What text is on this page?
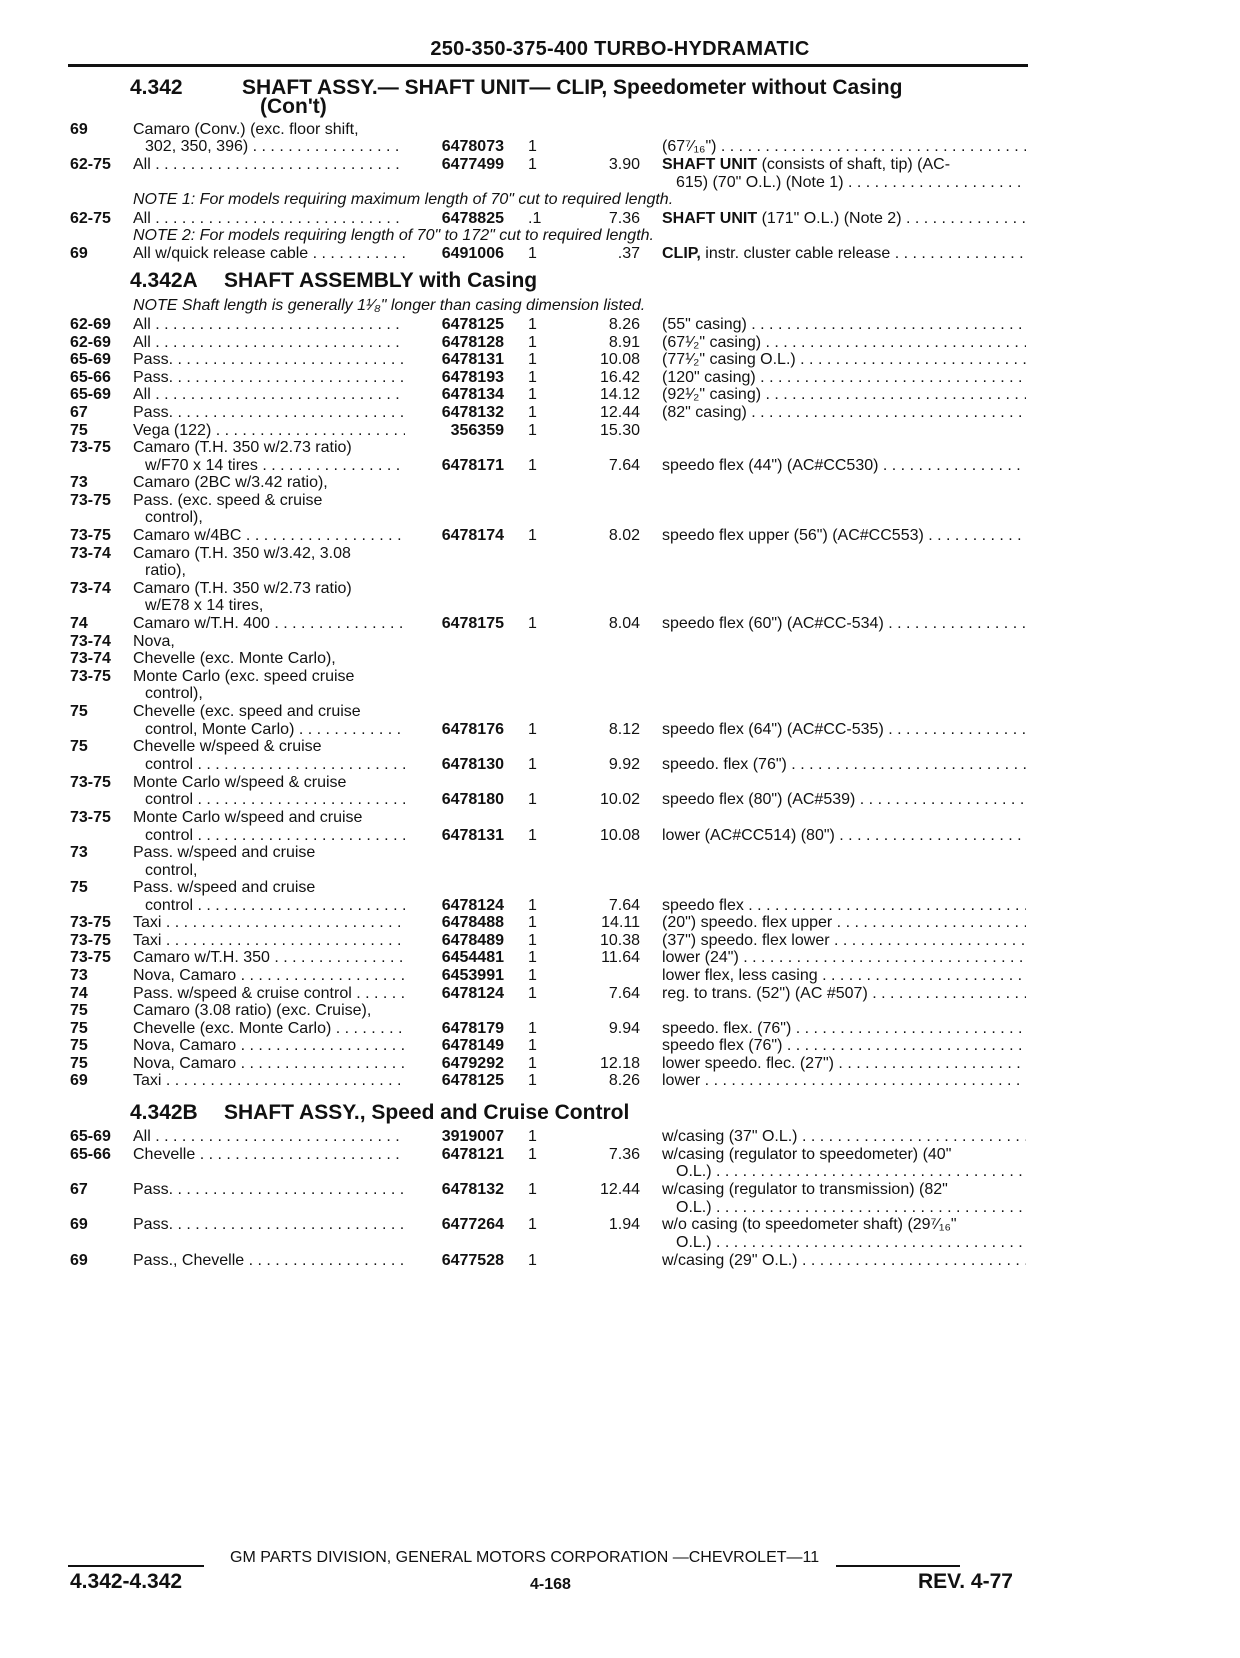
250-350-375-400 TURBO-HYDRAMATIC
4.342	SHAFT ASSY.— SHAFT UNIT— CLIP, Speedometer without Casing
(Con't)
NOTE 1: For models requiring maximum length of 70" cut to required length.
NOTE 2: For models requiring length of 70" to 172" cut to required length.
4.342A SHAFT ASSEMBLY with Casing
NOTE Shaft length is generally 1¹⁄₈" longer than casing dimension listed.
4.342B SHAFT ASSY., Speed and Cruise Control
69	Camaro (Conv.) (exc. floor shift,
302, 350, 396) . . .	6478073 1	(67⁷⁄₁₆") . . .
62-75 All . . .	6477499 1	3.90 SHAFT UNIT (consists of shaft, tip) (AC-
615) (70" O.L.) (Note 1) . . .
62-75 All . . .	6478825 .1	7.36 SHAFT UNIT (171" O.L.) (Note 2) . . .
69	All w/quick release cable . . .	6491006 1	.37 CLIP, instr. cluster cable release . . .
62-69 All . . .	6478125 1	8.26 (55" casing) . . .
62-69 All . . .	6478128 1	8.91 (67¹⁄₂" casing) . . .
65-69 Pass. . . .	6478131 1	10.08 (77¹⁄₂" casing O.L.) . . .
65-66 Pass. . . .	6478193 1	16.42 (120" casing) . . .
65-69 All . . .	6478134 1	14.12 (92¹⁄₂" casing) . . .
67	Pass. . . .	6478132 1	12.44 (82" casing) . . .
75	Vega (122) . . .	356359 1	15.30
73-75 Camaro (T.H. 350 w/2.73 ratio)
w/F70 x 14 tires . . .	6478171 1	7.64 speedo flex (44") (AC#CC530) . . .
73	Camaro (2BC w/3.42 ratio),
73-75 Pass. (exc. speed & cruise
control),
73-75 Camaro w/4BC . . .	6478174 1	8.02 speedo flex upper (56") (AC#CC553) . . .
73-74 Camaro (T.H. 350 w/3.42, 3.08
ratio),
73-74 Camaro (T.H. 350 w/2.73 ratio)
w/E78 x 14 tires,
74	Camaro w/T.H. 400 . . .	6478175 1	8.04 speedo flex (60") (AC#CC-534) . . .
73-74 Nova,
73-74 Chevelle (exc. Monte Carlo),
73-75 Monte Carlo (exc. speed cruise
control),
75	Chevelle (exc. speed and cruise
control, Monte Carlo) . . .	6478176 1	8.12 speedo flex (64") (AC#CC-535) . . .
75	Chevelle w/speed & cruise
control . . .	6478130 1	9.92 speedo. flex (76") . . .
73-75 Monte Carlo w/speed & cruise
control . . .	6478180 1	10.02 speedo flex (80") (AC#539) . . .
73-75 Monte Carlo w/speed and cruise
control . . .	6478131 1	10.08 lower (AC#CC514) (80") . . .
73	Pass. w/speed and cruise
control,
75	Pass. w/speed and cruise
control . . .	6478124 1	7.64 speedo flex . . .
73-75 Taxi . . .	6478488 1	14.11 (20") speedo. flex upper . . .
73-75 Taxi . . .	6478489 1	10.38 (37") speedo. flex lower . . .
73-75 Camaro w/T.H. 350 . . .	6454481 1	11.64 lower (24") . . .
73	Nova, Camaro . . .	6453991 1	lower flex, less casing . . .
74	Pass. w/speed & cruise control . . .	6478124 1	7.64 reg. to trans. (52") (AC #507) . . .
75	Camaro (3.08 ratio) (exc. Cruise),
75	Chevelle (exc. Monte Carlo) . . .	6478179 1	9.94 speedo. flex. (76") . . .
75	Nova, Camaro . . .	6478149 1	speedo flex (76") . . .
75	Nova, Camaro . . .	6479292 1	12.18 lower speedo. flec. (27") . . .
69	Taxi . . .	6478125 1	8.26 lower . . .
65-69 All . . .	3919007 1	w/casing (37" O.L.) . . .
65-66 Chevelle . . .	6478121 1	7.36 w/casing (regulator to speedometer) (40"
O.L.) . . .
67	Pass. . . .	6478132 1	12.44 w/casing (regulator to transmission) (82"
O.L.) . . .
69	Pass. . . .	6477264 1	1.94 w/o casing (to speedometer shaft) (29⁷⁄₁₆"
O.L.) . . .
69	Pass., Chevelle . . .	6477528 1	w/casing (29" O.L.) . . .
GM PARTS DIVISION, GENERAL MOTORS CORPORATION —CHEVROLET—11
4.342-4.342	4-168	REV. 4-77
